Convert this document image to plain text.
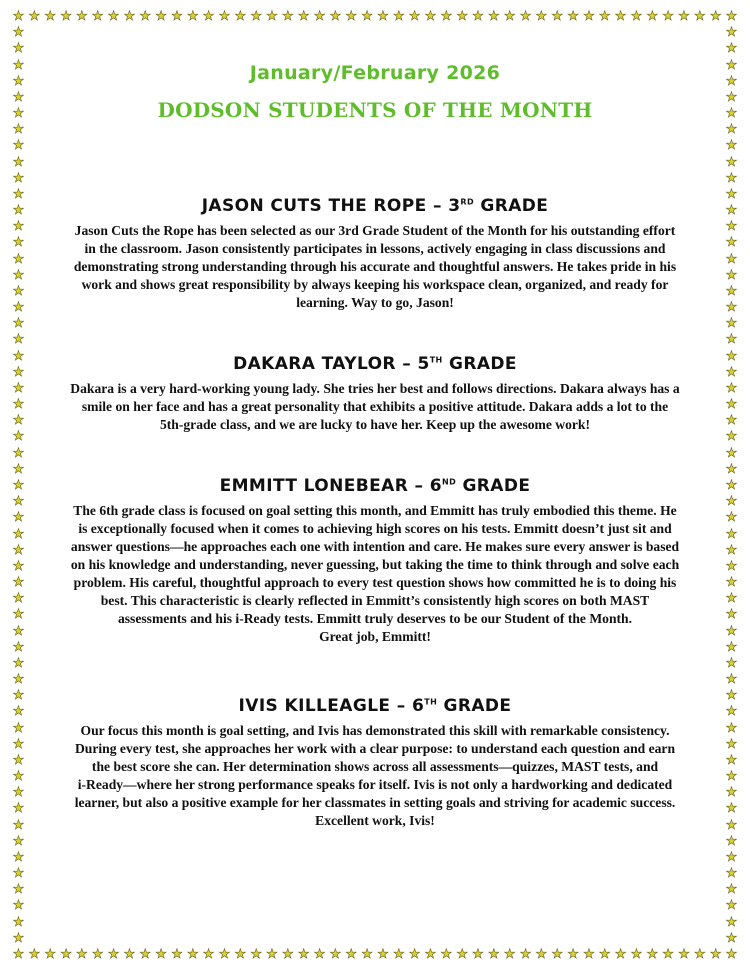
★
★
★
★
★
★
★
★
★
★
★
★
★
★
★
★
★
★
★
★
★
★
★
★
★
★
★
★
★
★
★
★
★
★
★
★
★
★
★
★
★
★
★
★
★
★
★
★
★
★
★
★
★
★
★
★
★
★
★
★
★
★
★
★
★
★
★
★
★
★
★
★
★
★
★
★
★
★
★
★
★
★
★
★
★
★
★
★
★
★
★
★
★	★
★	★
★	★
★	★
★	★
★	★
★	★
★	★
★	★
★	★
★	★
★	★
★	★
★	★
★	★
★	★
★	★
★	★
★	★
★	★
★	★
★	★
★	★
★	★
★	★
★	★
★	★
★	★
★	★
★	★
★	★
★	★
★	★
★	★
★	★
★	★
★	★
★	★
★	★
★	★
★	★
★	★
★	★
★	★
★	★
★	★
★	★
★	★
★	★
★	★
★	★
★	★
★	★
★	★
★	★
★	★
★	★
January/February 2026
DODSON STUDENTS OF THE MONTH
JASON CUTS THE ROPE – 3RD GRADE

Jason Cuts the Rope has been selected as our 3rd Grade Student of the Month for his outstanding effort
in the classroom. Jason consistently participates in lessons, actively engaging in class discussions and
demonstrating strong understanding through his accurate and thoughtful answers. He takes pride in his
work and shows great responsibility by always keeping his workspace clean, organized, and ready for
learning. Way to go, Jason!

DAKARA TAYLOR – 5TH GRADE

Dakara is a very hard-working young lady. She tries her best and follows directions. Dakara always has a
smile on her face and has a great personality that exhibits a positive attitude. Dakara adds a lot to the
5th-grade class, and we are lucky to have her. Keep up the awesome work!

EMMITT LONEBEAR – 6ND GRADE

The 6th grade class is focused on goal setting this month, and Emmitt has truly embodied this theme. He
is exceptionally focused when it comes to achieving high scores on his tests. Emmitt doesn’t just sit and
answer questions—he approaches each one with intention and care. He makes sure every answer is based
on his knowledge and understanding, never guessing, but taking the time to think through and solve each
problem. His careful, thoughtful approach to every test question shows how committed he is to doing his
best. This characteristic is clearly reflected in Emmitt’s consistently high scores on both MAST
assessments and his i-Ready tests. Emmitt truly deserves to be our Student of the Month.
Great job, Emmitt!

IVIS KILLEAGLE – 6TH GRADE

Our focus this month is goal setting, and Ivis has demonstrated this skill with remarkable consistency.
During every test, she approaches her work with a clear purpose: to understand each question and earn
the best score she can. Her determination shows across all assessments—quizzes, MAST tests, and
i-Ready—where her strong performance speaks for itself. Ivis is not only a hardworking and dedicated
learner, but also a positive example for her classmates in setting goals and striving for academic success.
Excellent work, Ivis!
